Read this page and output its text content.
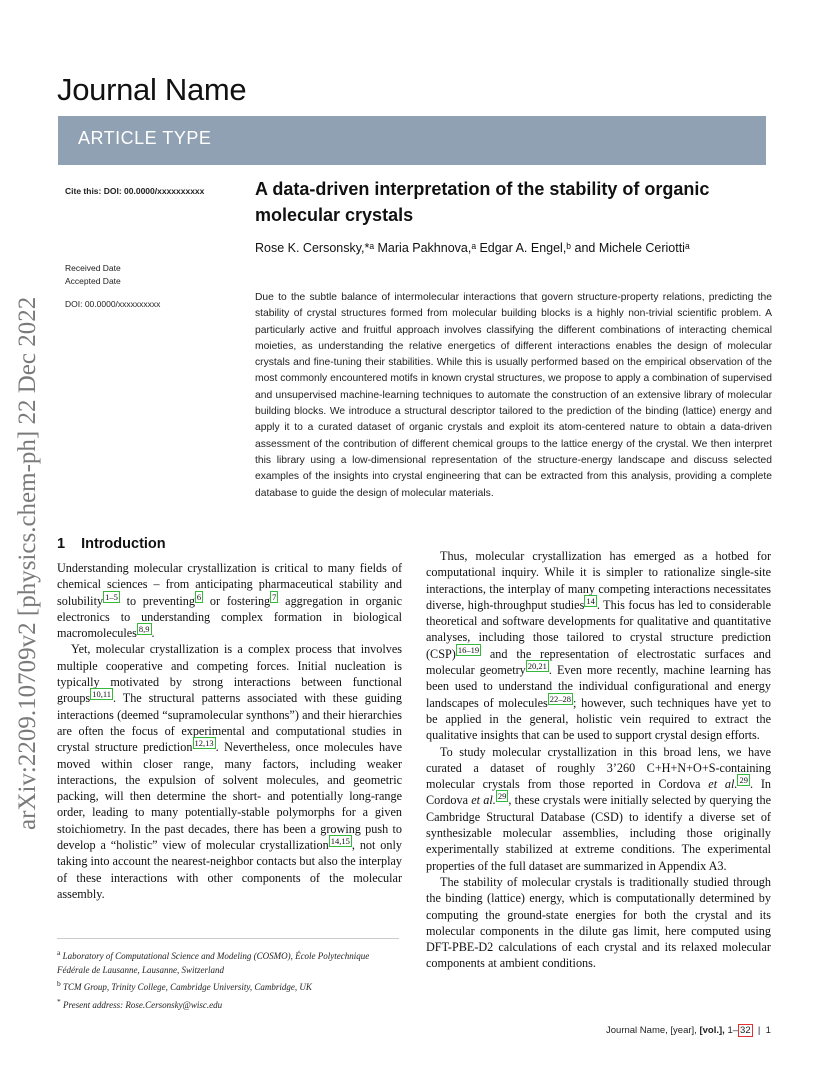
Journal Name
ARTICLE TYPE
Cite this: DOI: 00.0000/xxxxxxxxxx
Received Date
Accepted Date
DOI: 00.0000/xxxxxxxxxx
arXiv:2209.10709v2 [physics.chem-ph] 22 Dec 2022
A data-driven interpretation of the stability of organic molecular crystals
Rose K. Cersonsky,*ᵃ Maria Pakhnova,ᵃ Edgar A. Engel,ᵇ and Michele Ceriottiᵃ
Due to the subtle balance of intermolecular interactions that govern structure-property relations, predicting the stability of crystal structures formed from molecular building blocks is a highly non-trivial scientific problem. A particularly active and fruitful approach involves classifying the different combinations of interacting chemical moieties, as understanding the relative energetics of different interactions enables the design of molecular crystals and fine-tuning their stabilities. While this is usually performed based on the empirical observation of the most commonly encountered motifs in known crystal structures, we propose to apply a combination of supervised and unsupervised machine-learning techniques to automate the construction of an extensive library of molecular building blocks. We introduce a structural descriptor tailored to the prediction of the binding (lattice) energy and apply it to a curated dataset of organic crystals and exploit its atom-centered nature to obtain a data-driven assessment of the contribution of different chemical groups to the lattice energy of the crystal. We then interpret this library using a low-dimensional representation of the structure-energy landscape and discuss selected examples of the insights into crystal engineering that can be extracted from this analysis, providing a complete database to guide the design of molecular materials.
1 Introduction

Understanding molecular crystallization is critical to many fields of chemical sciences – from anticipating pharmaceutical stability and solubility $^{1-5}$ to preventing $^6$ or fostering $^7$ aggregation in organic electronics to understanding complex formation in biological macromolecules $^{8,9}$ .

Yet, molecular crystallization is a complex process that involves multiple cooperative and competing forces. Initial nucleation is typically motivated by strong interactions between functional groups $^{10,11}$ . The structural patterns associated with these guiding interactions (deemed “supramolecular synthons”) and their hierarchies are often the focus of experimental and computational studies in crystal structure prediction $^{12,13}$ . Nevertheless, once molecules have moved within closer range, many factors, including weaker interactions, the expulsion of solvent molecules, and geometric packing, will then determine the short- and potentially long-range order, leading to many potentially-stable polymorphs for a given stoichiometry. In the past decades, there has been a growing push to develop a “holistic” view of molecular crystallization $^{14,15}$ , not only taking into account the nearest-neighbor contacts but also the interplay of these interactions with other components of the molecular assembly.

Thus, molecular crystallization has emerged as a hotbed for computational inquiry. While it is simpler to rationalize single-site interactions, the interplay of many competing interactions necessitates diverse, high-throughput studies $^{14}$ . This focus has led to considerable theoretical and software developments for qualitative and quantitative analyses, including those tailored to crystal structure prediction (CSP) $^{16-19}$ and the representation of electrostatic surfaces and molecular geometry $^{20,21}$ . Even more recently, machine learning has been used to understand the individual configurational and energy landscapes of molecules $^{22-28}$ ; however, such techniques have yet to be applied in the general, holistic vein required to extract the qualitative insights that can be used to support crystal design efforts.

To study molecular crystallization in this broad lens, we have curated a dataset of roughly 3’260 C+H+N+O+S-containing molecular crystals from those reported in Cordova et al. $^{29}$ . In Cordova et al. $^{29}$ , these crystals were initially selected by querying the Cambridge Structural Database (CSD) to identify a diverse set of synthesizable molecular assemblies, including those originally experimentally stabilized at extreme conditions. The experimental properties of the full dataset are summarized in Appendix A3.

The stability of molecular crystals is traditionally studied through the binding (lattice) energy, which is computationally determined by computing the ground-state energies for both the crystal and its molecular components in the dilute gas limit, here computed using DFT-PBE-D2 calculations of each crystal and its relaxed molecular components at ambient conditions.

$^a$ Laboratory of Computational Science and Modeling (COSMO), École Polytechnique Fédérale de Lausanne, Lausanne, Switzerland
$^b$ TCM Group, Trinity College, Cambridge University, Cambridge, UK
* Present address: Rose.Cersonsky@wisc.edu
Journal Name, [year], [vol.], 1– 32  |  1
